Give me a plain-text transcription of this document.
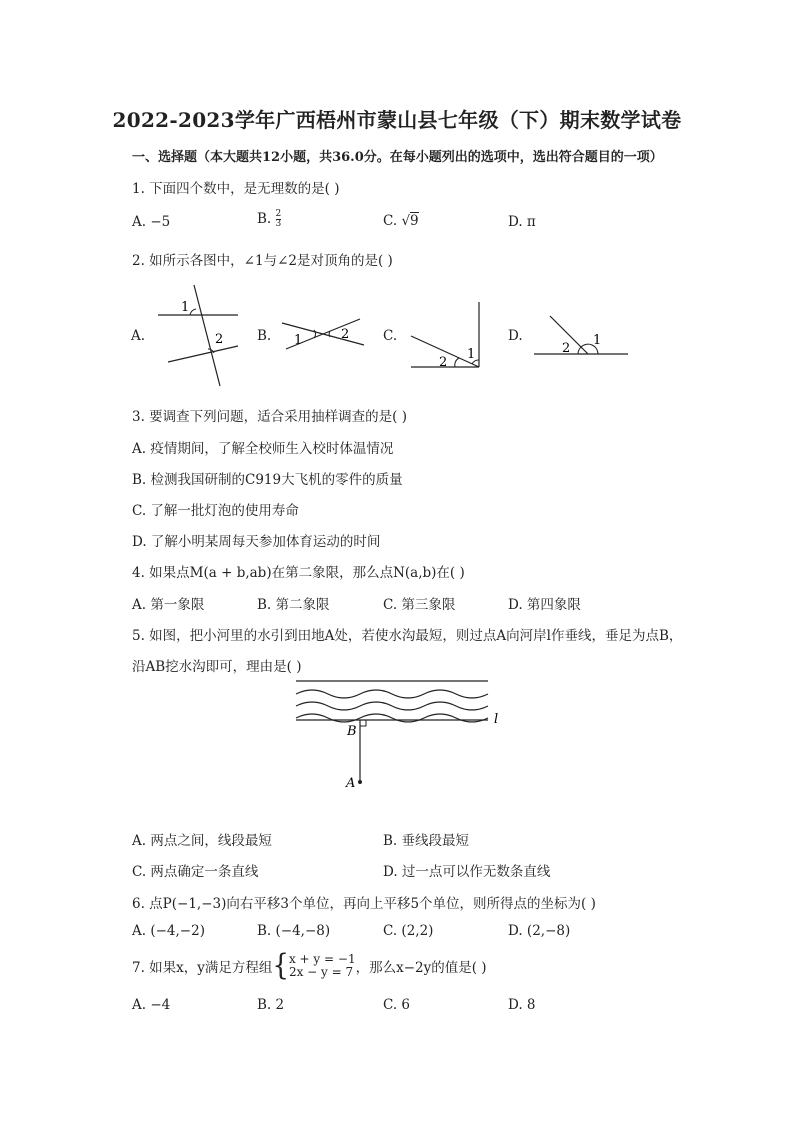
2022-2023学年广西梧州市蒙山县七年级（下）期末数学试卷
一、选择题（本大题共12小题，共36.0分。在每小题列出的选项中，选出符合题目的一项）
1. 下面四个数中，是无理数的是( )
A. −5	B. $\frac{2}{3}$	C. √9	D. π
2. 如所示各图中，∠1与∠2是对顶角的是( )
A.	B.	C.	D.
1
2	1	2
2
1	2
1
3. 要调查下列问题，适合采用抽样调查的是( )
A. 疫情期间，了解全校师生入校时体温情况
B. 检测我国研制的C919大飞机的零件的质量
C. 了解一批灯泡的使用寿命
D. 了解小明某周每天参加体育运动的时间
4. 如果点M(a + b,ab)在第二象限，那么点N(a,b)在( )
A. 第一象限	B. 第二象限	C. 第三象限	D. 第四象限
5. 如图，把小河里的水引到田地A处，若使水沟最短，则过点A向河岸l作垂线，垂足为点B，
沿AB挖水沟即可，理由是( )
l
B
A
A. 两点之间，线段最短	B. 垂线段最短
C. 两点确定一条直线	D. 过一点可以作无数条直线
6. 点P(−1,−3)向右平移3个单位，再向上平移5个单位，则所得点的坐标为( )
A. (−4,−2)	B. (−4,−8)	C. (2,2)	D. (2,−8)
7. 如果x，y满足方程组{ x + y = −1
2x − y = 7 ，那么x−2y的值是( )
A. −4	B. 2	C. 6	D. 8
